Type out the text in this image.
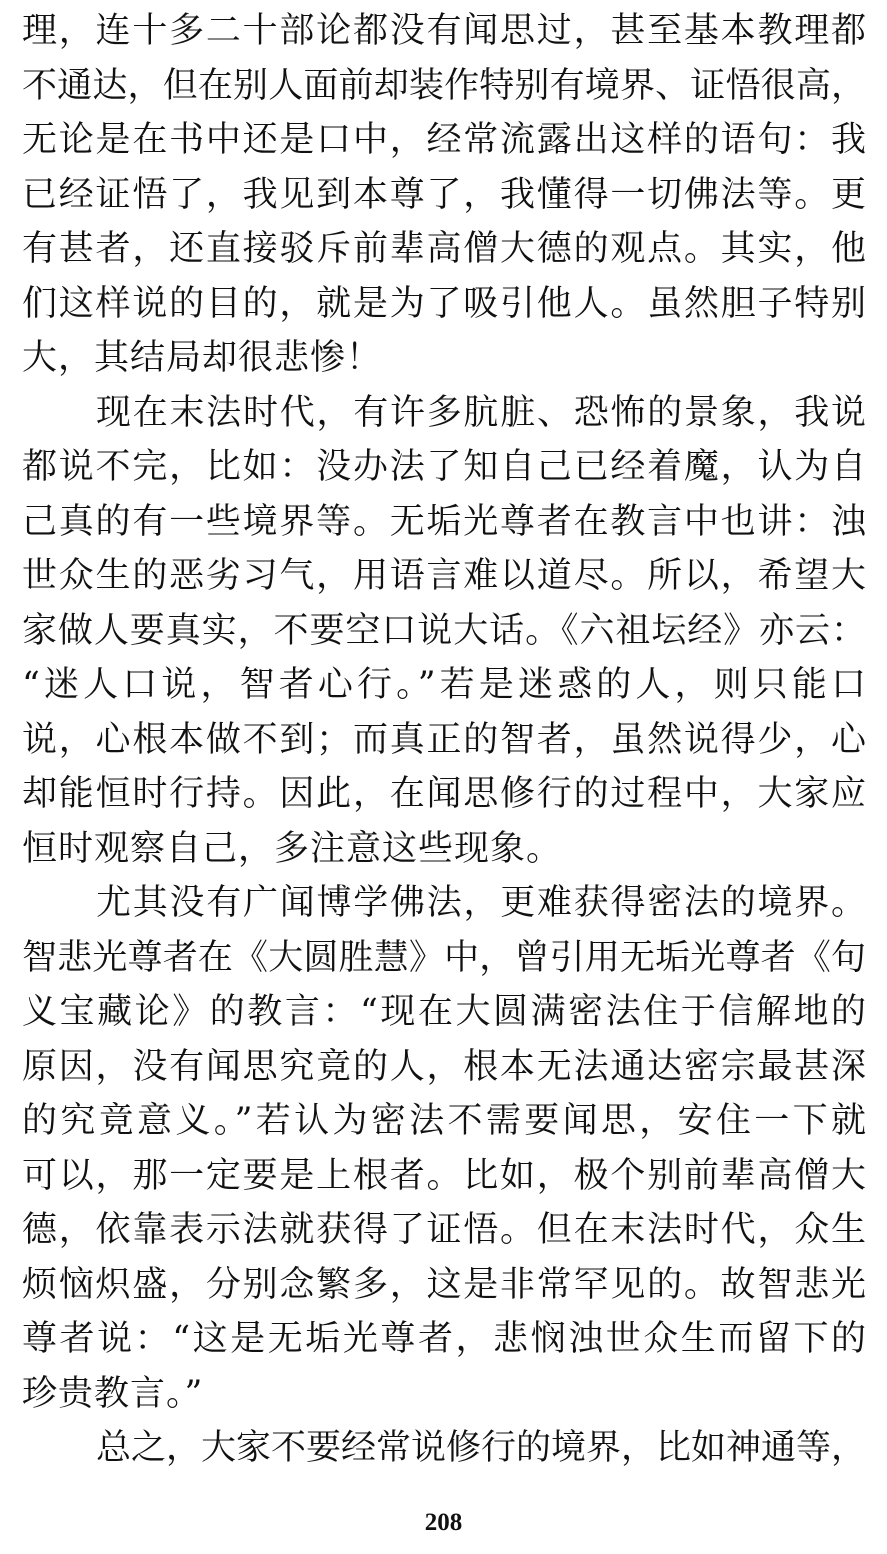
理，连十多二十部论都没有闻思过，甚至基本教理都
不通达，但在别人面前却装作特别有境界、证悟很高，
无论是在书中还是口中，经常流露出这样的语句：我
已经证悟了，我见到本尊了，我懂得一切佛法等。更
有甚者，还直接驳斥前辈高僧大德的观点。其实，他
们这样说的目的，就是为了吸引他人。虽然胆子特别
大，其结局却很悲惨！
现在末法时代，有许多肮脏、恐怖的景象，我说
都说不完，比如：没办法了知自己已经着魔，认为自
己真的有一些境界等。无垢光尊者在教言中也讲：浊
世众生的恶劣习气，用语言难以道尽。所以，希望大
家做人要真实，不要空口说大话。《六祖坛经》亦云：
“迷人口说，智者心行。”若是迷惑的人，则只能口
说，心根本做不到；而真正的智者，虽然说得少，心
却能恒时行持。因此，在闻思修行的过程中，大家应
恒时观察自己，多注意这些现象。
尤其没有广闻博学佛法，更难获得密法的境界。
智悲光尊者在《大圆胜慧》中，曾引用无垢光尊者《句
义宝藏论》的教言：“现在大圆满密法住于信解地的
原因，没有闻思究竟的人，根本无法通达密宗最甚深
的究竟意义。”若认为密法不需要闻思，安住一下就
可以，那一定要是上根者。比如，极个别前辈高僧大
德，依靠表示法就获得了证悟。但在末法时代，众生
烦恼炽盛，分别念繁多，这是非常罕见的。故智悲光
尊者说：“这是无垢光尊者，悲悯浊世众生而留下的
珍贵教言。”
总之，大家不要经常说修行的境界，比如神通等，
208
